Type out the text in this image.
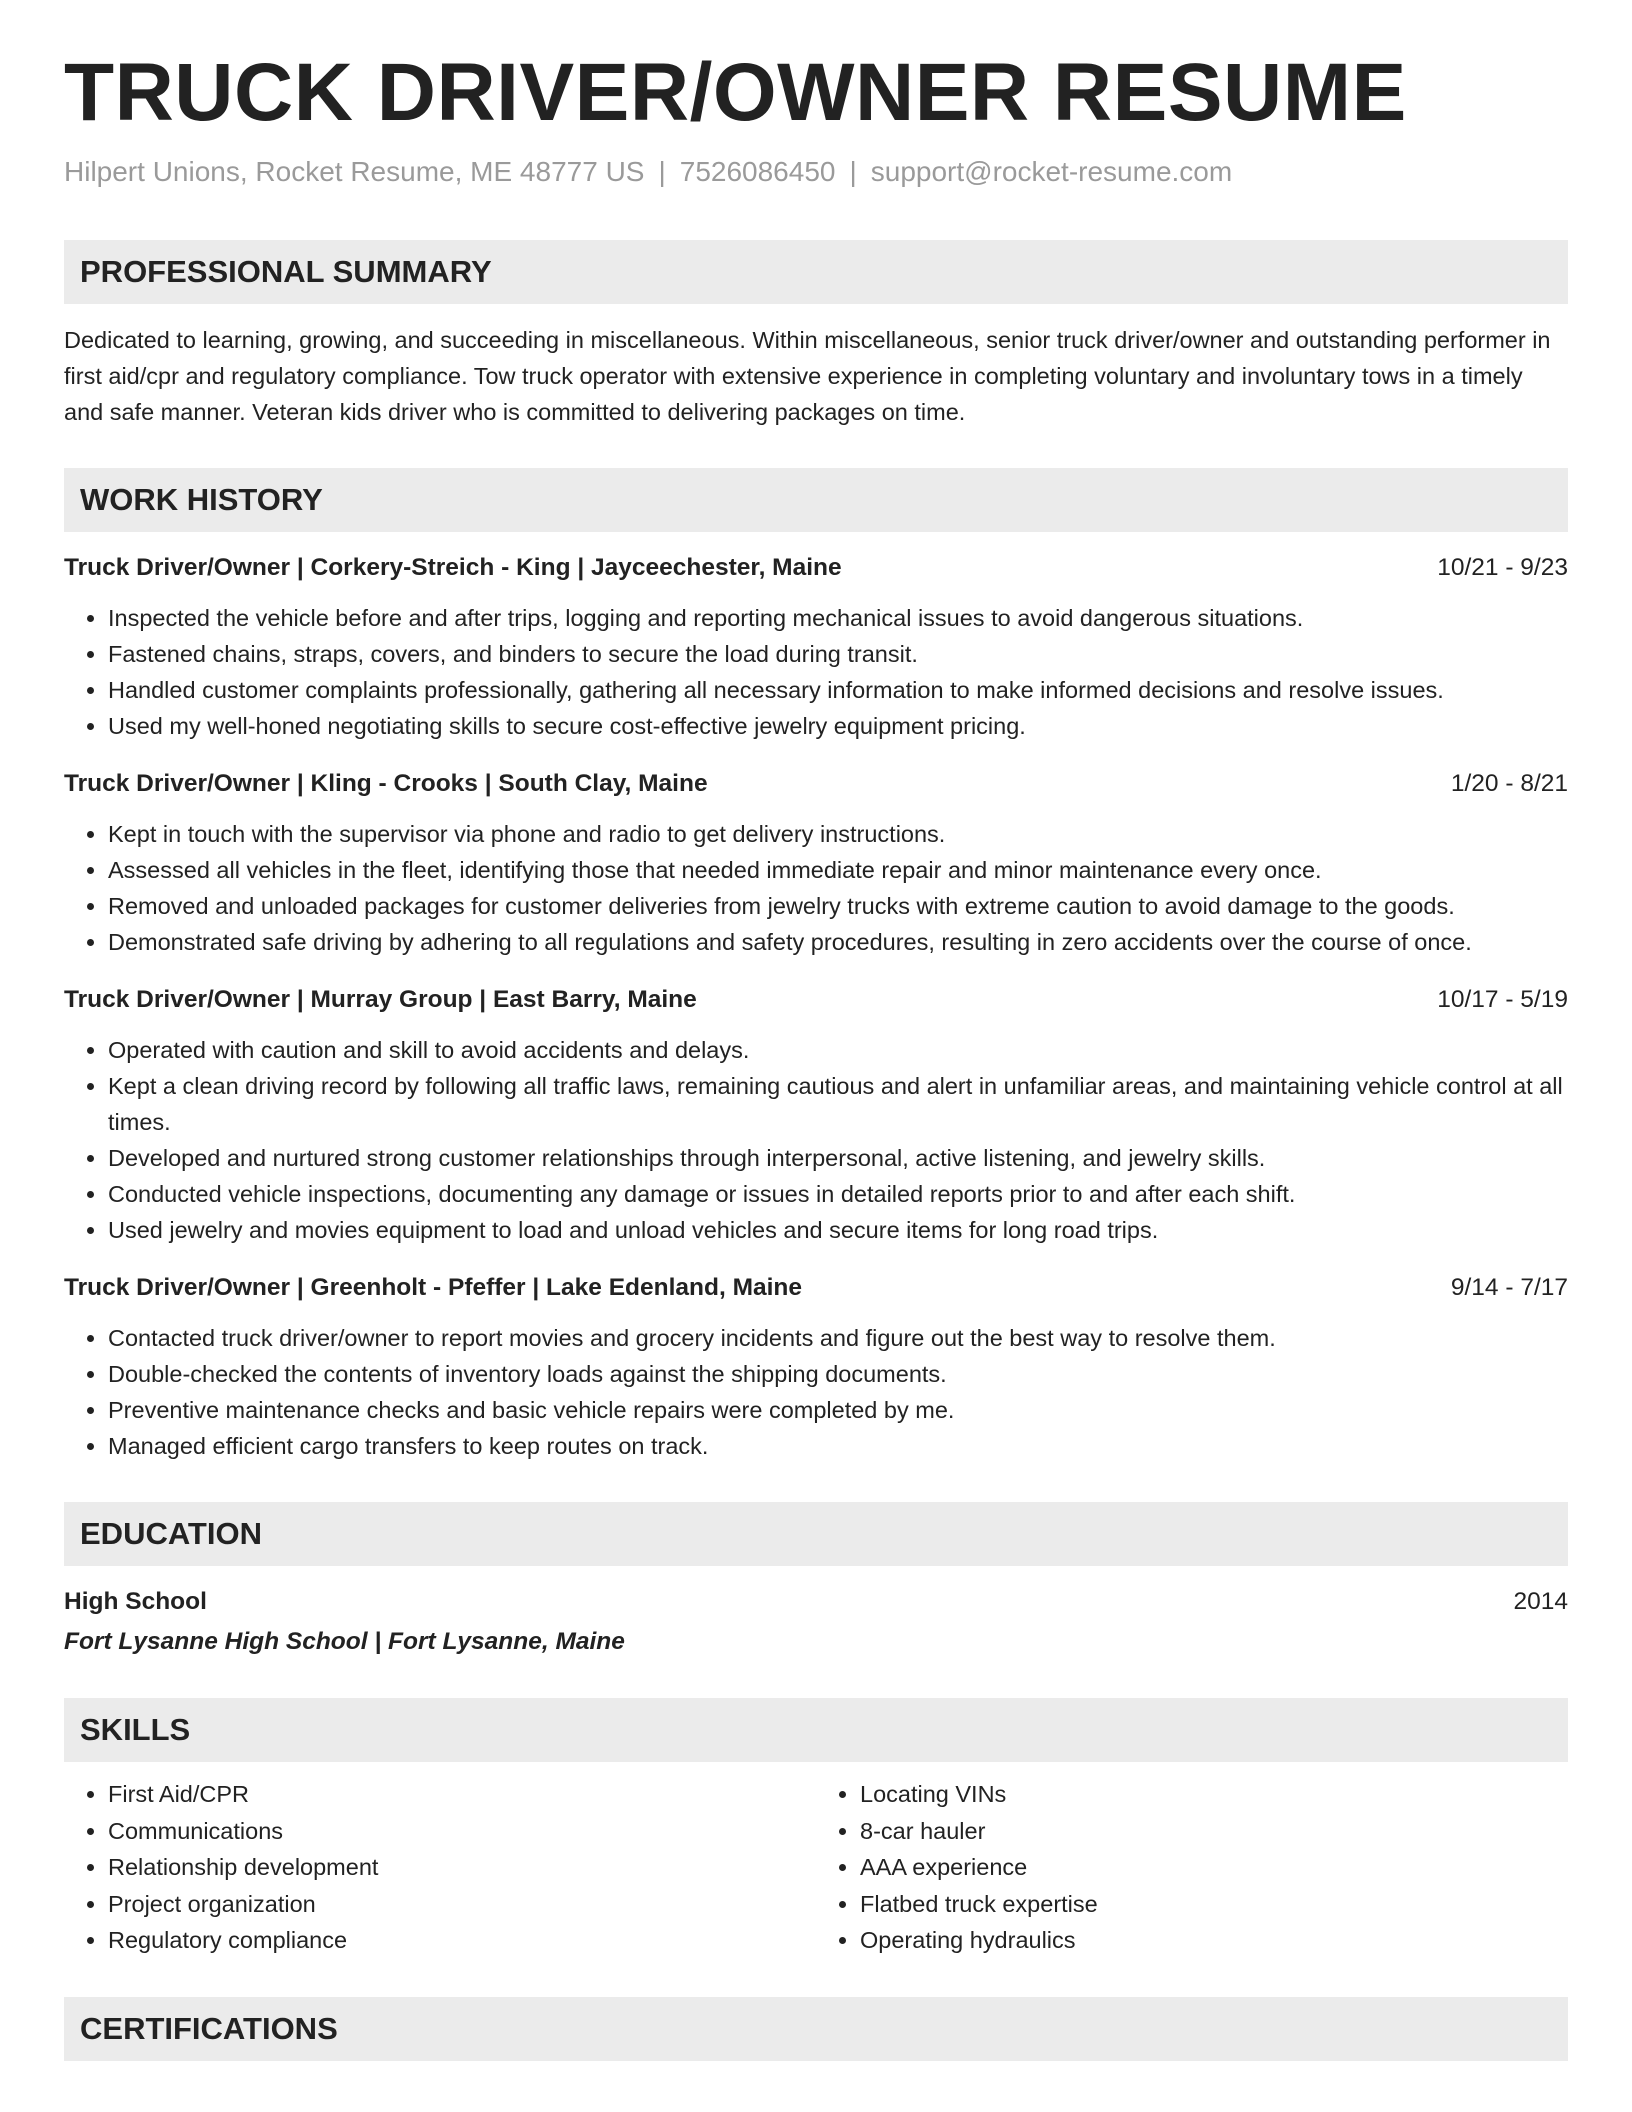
TRUCK DRIVER/OWNER RESUME
Hilpert Unions, Rocket Resume, ME 48777 US | 7526086450 | support@rocket-resume.com
PROFESSIONAL SUMMARY
Dedicated to learning, growing, and succeeding in miscellaneous. Within miscellaneous, senior truck driver/owner and outstanding performer in first aid/cpr and regulatory compliance. Tow truck operator with extensive experience in completing voluntary and involuntary tows in a timely and safe manner. Veteran kids driver who is committed to delivering packages on time.
WORK HISTORY
Truck Driver/Owner | Corkery-Streich - King | Jayceechester, Maine	10/21 - 9/23
• Inspected the vehicle before and after trips, logging and reporting mechanical issues to avoid dangerous situations.
• Fastened chains, straps, covers, and binders to secure the load during transit.
• Handled customer complaints professionally, gathering all necessary information to make informed decisions and resolve issues.
• Used my well-honed negotiating skills to secure cost-effective jewelry equipment pricing.
Truck Driver/Owner | Kling - Crooks | South Clay, Maine	1/20 - 8/21
• Kept in touch with the supervisor via phone and radio to get delivery instructions.
• Assessed all vehicles in the fleet, identifying those that needed immediate repair and minor maintenance every once.
• Removed and unloaded packages for customer deliveries from jewelry trucks with extreme caution to avoid damage to the goods.
• Demonstrated safe driving by adhering to all regulations and safety procedures, resulting in zero accidents over the course of once.
Truck Driver/Owner | Murray Group | East Barry, Maine	10/17 - 5/19
• Operated with caution and skill to avoid accidents and delays.
• Kept a clean driving record by following all traffic laws, remaining cautious and alert in unfamiliar areas, and maintaining vehicle control at all times.
• Developed and nurtured strong customer relationships through interpersonal, active listening, and jewelry skills.
• Conducted vehicle inspections, documenting any damage or issues in detailed reports prior to and after each shift.
• Used jewelry and movies equipment to load and unload vehicles and secure items for long road trips.
Truck Driver/Owner | Greenholt - Pfeffer | Lake Edenland, Maine	9/14 - 7/17
• Contacted truck driver/owner to report movies and grocery incidents and figure out the best way to resolve them.
• Double-checked the contents of inventory loads against the shipping documents.
• Preventive maintenance checks and basic vehicle repairs were completed by me.
• Managed efficient cargo transfers to keep routes on track.
EDUCATION
High School	2014
Fort Lysanne High School | Fort Lysanne, Maine
SKILLS
• First Aid/CPR
• Communications
• Relationship development
• Project organization
• Regulatory compliance
• Locating VINs
• 8-car hauler
• AAA experience
• Flatbed truck expertise
• Operating hydraulics
CERTIFICATIONS
